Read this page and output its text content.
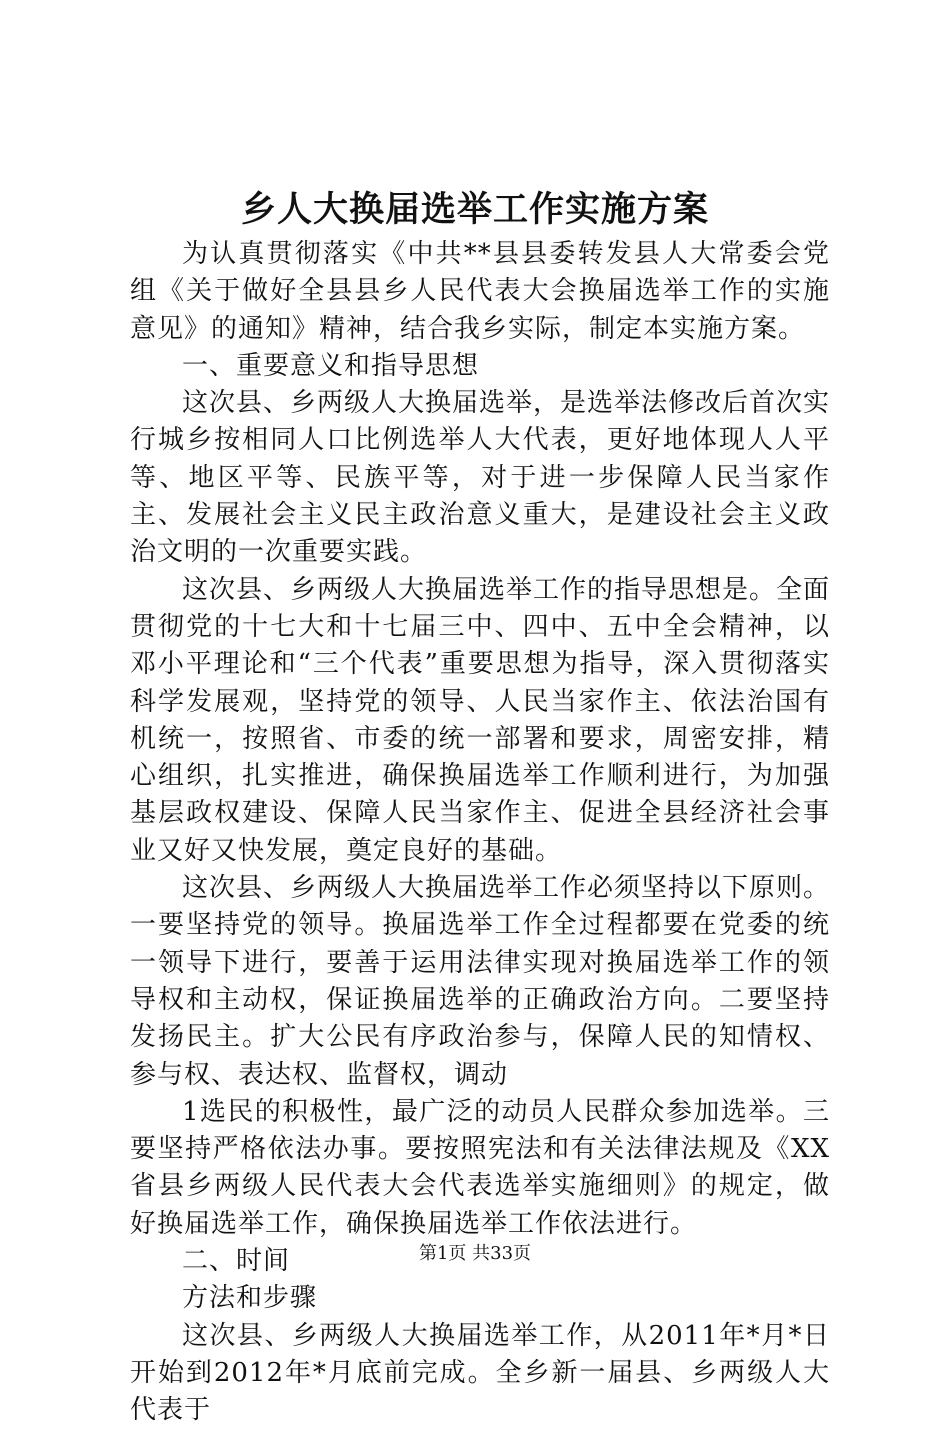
乡人大换届选举工作实施方案

为认真贯彻落实《中共**县县委转发县人大常委会党组《关于做好全县县乡人民代表大会换届选举工作的实施意见》的通知》精神，结合我乡实际，制定本实施方案。

一、重要意义和指导思想

这次县、乡两级人大换届选举，是选举法修改后首次实行城乡按相同人口比例选举人大代表，更好地体现人人平等、地区平等、民族平等，对于进一步保障人民当家作主、发展社会主义民主政治意义重大，是建设社会主义政治文明的一次重要实践。

这次县、乡两级人大换届选举工作的指导思想是。全面贯彻党的十七大和十七届三中、四中、五中全会精神，以邓小平理论和“三个代表”重要思想为指导，深入贯彻落实科学发展观，坚持党的领导、人民当家作主、依法治国有机统一，按照省、市委的统一部署和要求，周密安排，精心组织，扎实推进，确保换届选举工作顺利进行，为加强基层政权建设、保障人民当家作主、促进全县经济社会事业又好又快发展，奠定良好的基础。

这次县、乡两级人大换届选举工作必须坚持以下原则。一要坚持党的领导。换届选举工作全过程都要在党委的统一领导下进行，要善于运用法律实现对换届选举工作的领导权和主动权，保证换届选举的正确政治方向。二要坚持发扬民主。扩大公民有序政治参与，保障人民的知情权、参与权、表达权、监督权，调动

1选民的积极性，最广泛的动员人民群众参加选举。三要坚持严格依法办事。要按照宪法和有关法律法规及《XX省县乡两级人民代表大会代表选举实施细则》的规定，做好换届选举工作，确保换届选举工作依法进行。

二、时间

方法和步骤

这次县、乡两级人大换届选举工作，从2011年*月*日开始到2012年*月底前完成。全乡新一届县、乡两级人大代表于

第1页 共33页
